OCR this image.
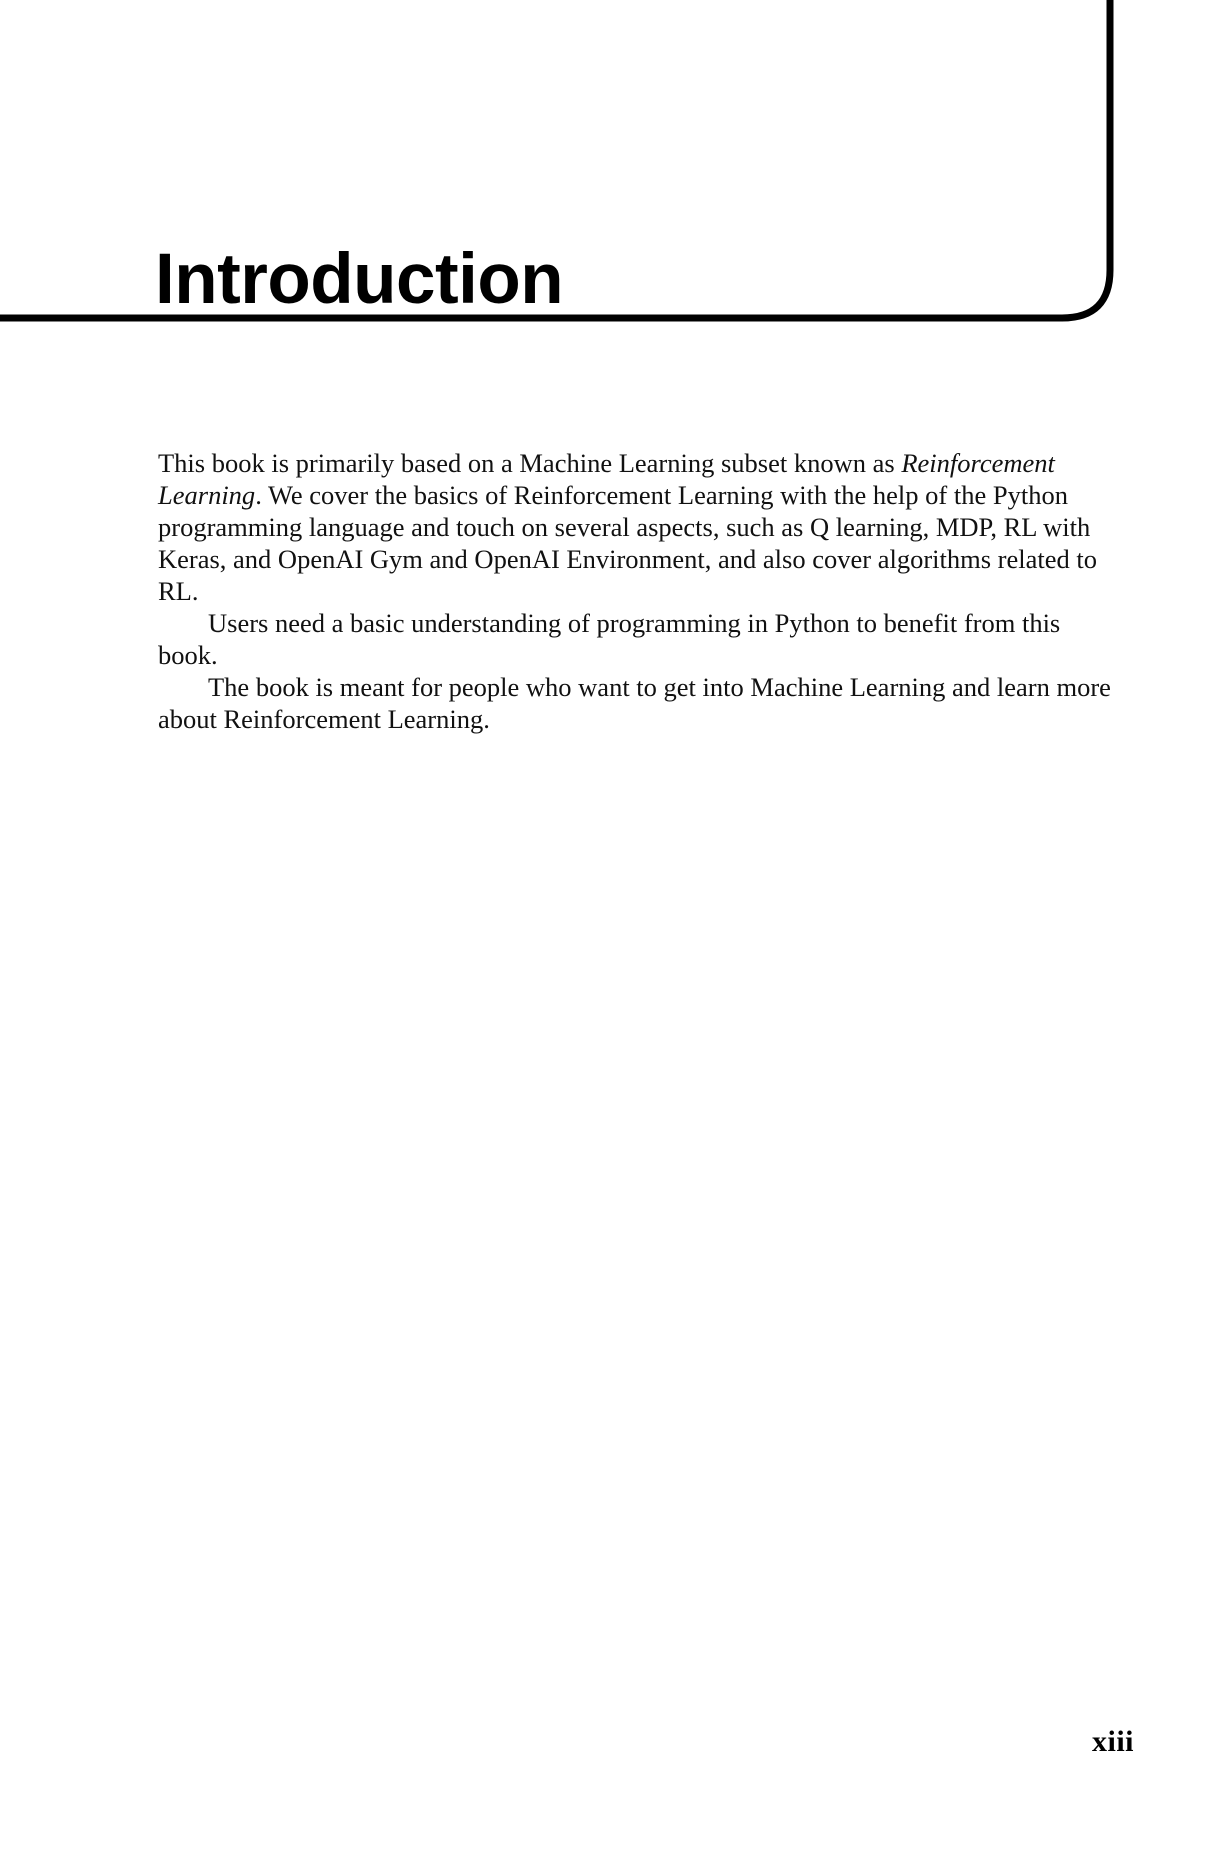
Introduction

This book is primarily based on a Machine Learning subset known as Reinforcement Learning. We cover the basics of Reinforcement Learning with the help of the Python programming language and touch on several aspects, such as Q learning, MDP, RL with Keras, and OpenAI Gym and OpenAI Environment, and also cover algorithms related to RL.

Users need a basic understanding of programming in Python to benefit from this book.

The book is meant for people who want to get into Machine Learning and learn more about Reinforcement Learning.

xiii
